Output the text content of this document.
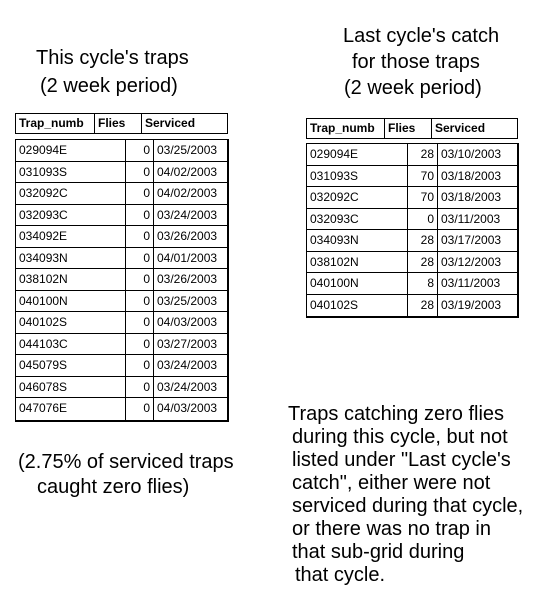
This cycle's traps
(2 week period)
Trap_numb	Flies	Serviced
029094E	0 03/25/2003
031093S	0 04/02/2003
032092C	0 04/02/2003
032093C	0 03/24/2003
034092E	0 03/26/2003
034093N	0 04/01/2003
038102N	0 03/26/2003
040100N	0 03/25/2003
040102S	0 04/03/2003
044103C	0 03/27/2003
045079S	0 03/24/2003
046078S	0 03/24/2003
047076E	0 04/03/2003
Last cycle's catch
for those traps
(2 week period)
Trap_numb	Flies	Serviced
029094E	28 03/10/2003
031093S	70 03/18/2003
032092C	70 03/18/2003
032093C	0 03/11/2003
034093N	28 03/17/2003
038102N	28 03/12/2003
040100N	8 03/11/2003
040102S	28 03/19/2003
(2.75% of serviced traps
caught zero flies)
Traps catching zero flies
during this cycle, but not
listed under "Last cycle's
catch", either were not
serviced during that cycle,
or there was no trap in
that sub-grid during
that cycle.
